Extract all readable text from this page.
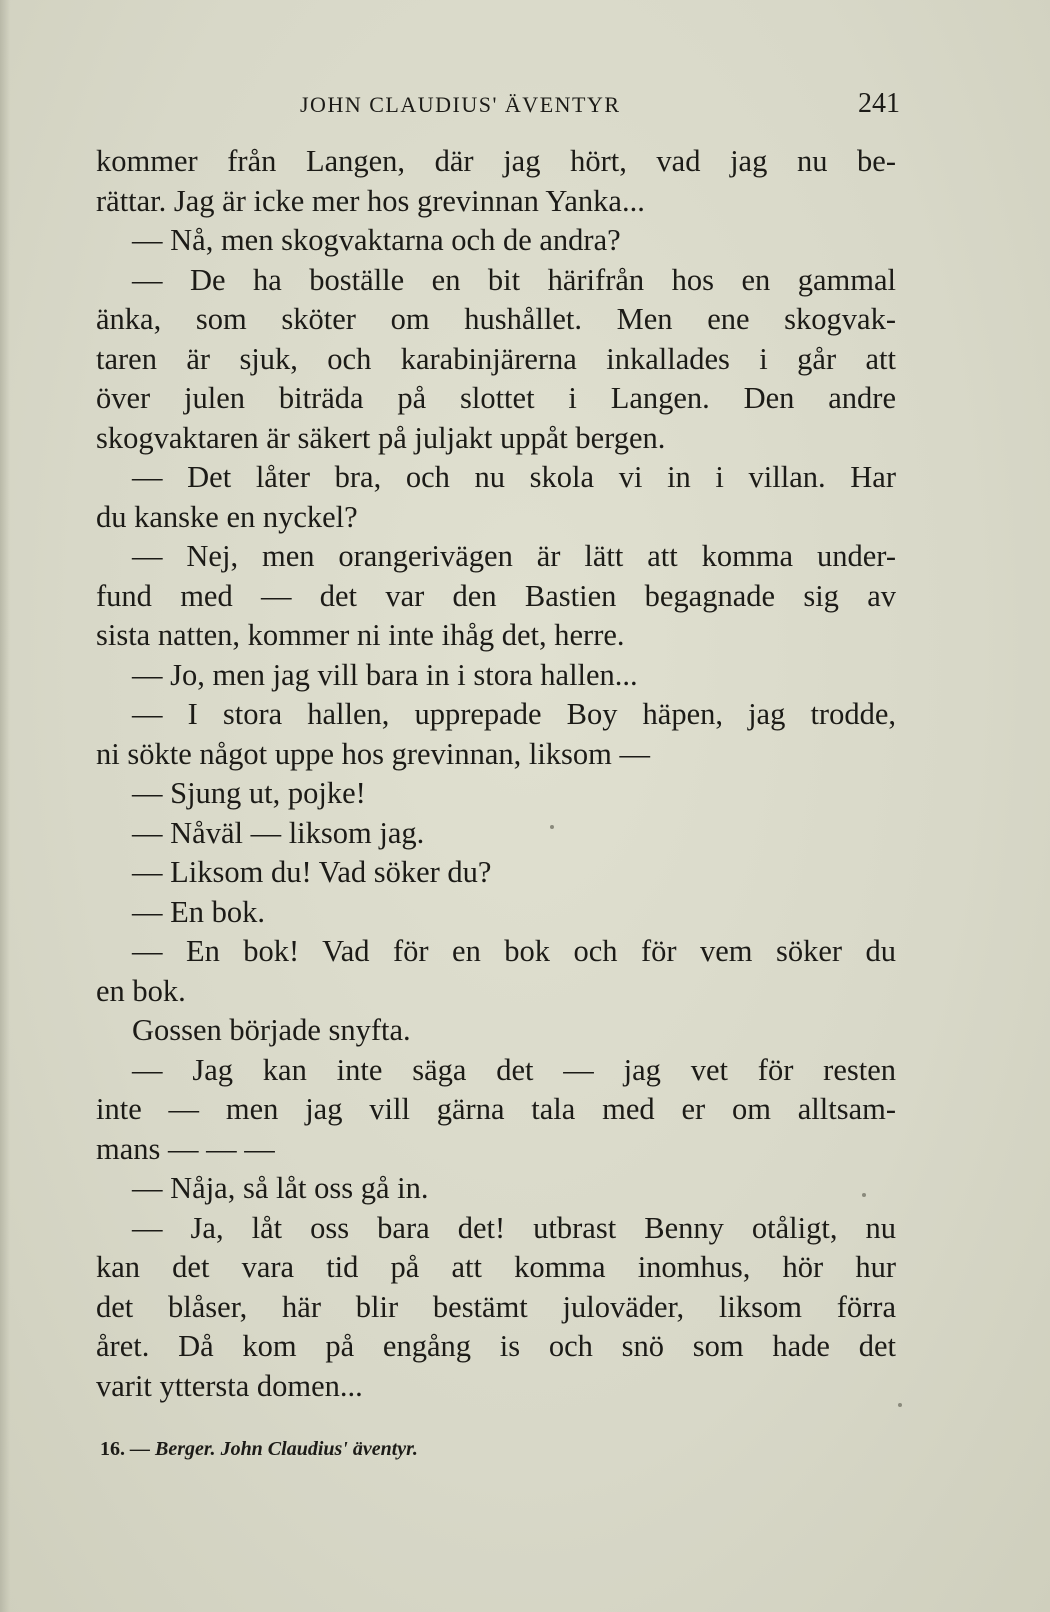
JOHN CLAUDIUS' ÄVENTYR	241
kommer från Langen, där jag hört, vad jag nu be-
rättar. Jag är icke mer hos grevinnan Yanka...
— Nå, men skogvaktarna och de andra?
— De ha boställe en bit härifrån hos en gammal
änka, som sköter om hushållet. Men ene skogvak-
taren är sjuk, och karabinjärerna inkallades i går att
över julen biträda på slottet i Langen. Den andre
skogvaktaren är säkert på juljakt uppåt bergen.
— Det låter bra, och nu skola vi in i villan. Har
du kanske en nyckel?
— Nej, men orangerivägen är lätt att komma under-
fund med — det var den Bastien begagnade sig av
sista natten, kommer ni inte ihåg det, herre.
— Jo, men jag vill bara in i stora hallen...
— I stora hallen, upprepade Boy häpen, jag trodde,
ni sökte något uppe hos grevinnan, liksom —
— Sjung ut, pojke!
— Nåväl — liksom jag.
— Liksom du! Vad söker du?
— En bok.
— En bok! Vad för en bok och för vem söker du
en bok.
Gossen började snyfta.
— Jag kan inte säga det — jag vet för resten
inte — men jag vill gärna tala med er om alltsam-
mans — — —
— Nåja, så låt oss gå in.
— Ja, låt oss bara det! utbrast Benny otåligt, nu
kan det vara tid på att komma inomhus, hör hur
det blåser, här blir bestämt juloväder, liksom förra
året. Då kom på engång is och snö som hade det
varit yttersta domen...
16. — Berger. John Claudius' äventyr.
